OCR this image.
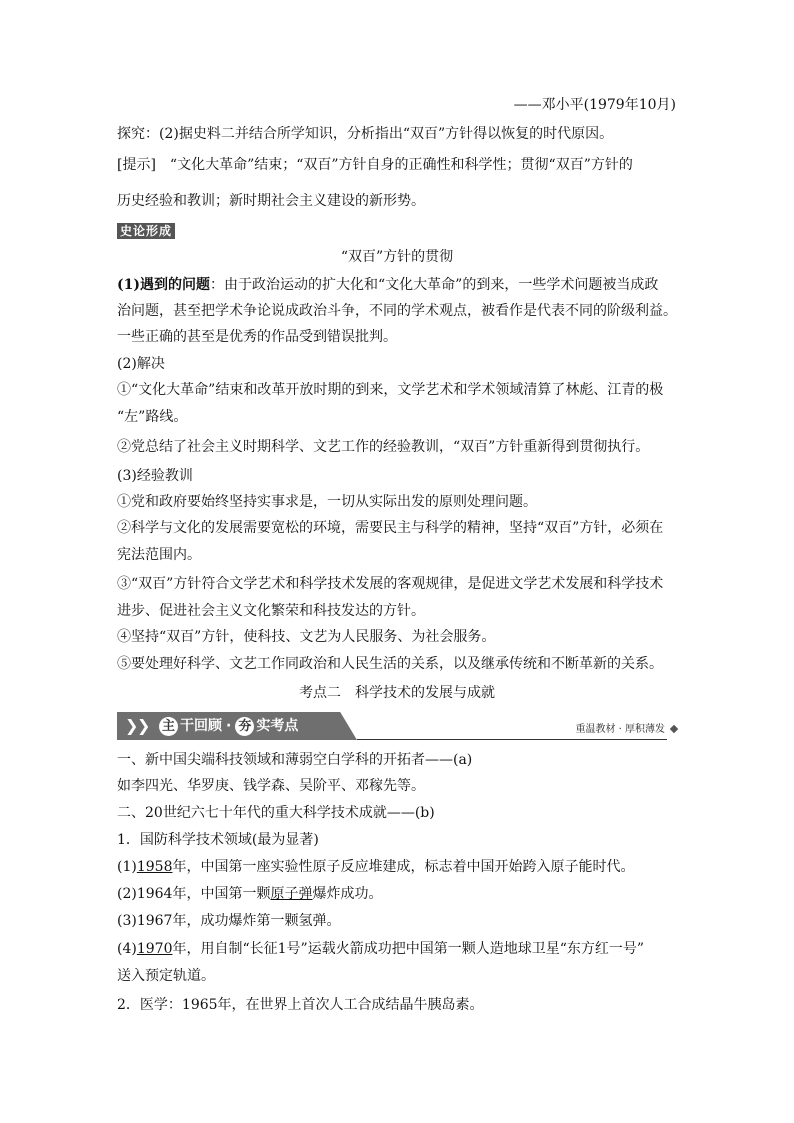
——邓小平(1979年10月)
探究：(2)据史料二并结合所学知识，分析指出“双百”方针得以恢复的时代原因。
[提示]　“文化大革命”结束；“双百”方针自身的正确性和科学性；贯彻“双百”方针的
历史经验和教训；新时期社会主义建设的新形势。
史论形成
“双百”方针的贯彻
(1)遇到的问题：由于政治运动的扩大化和“文化大革命”的到来，一些学术问题被当成政
治问题，甚至把学术争论说成政治斗争，不同的学术观点，被看作是代表不同的阶级利益。
一些正确的甚至是优秀的作品受到错误批判。
(2)解决
①“文化大革命”结束和改革开放时期的到来，文学艺术和学术领域清算了林彪、江青的极
“左”路线。
②党总结了社会主义时期科学、文艺工作的经验教训，“双百”方针重新得到贯彻执行。
(3)经验教训
①党和政府要始终坚持实事求是，一切从实际出发的原则处理问题。
②科学与文化的发展需要宽松的环境，需要民主与科学的精神，坚持“双百”方针，必须在
宪法范围内。
③“双百”方针符合文学艺术和科学技术发展的客观规律，是促进文学艺术发展和科学技术
进步、促进社会主义文化繁荣和科技发达的方针。
④坚持“双百”方针，使科技、文艺为人民服务、为社会服务。
⑤要处理好科学、文艺工作同政治和人民生活的关系，以及继承传统和不断革新的关系。
考点二　科学技术的发展与成就
❯
❯ 主 干回顾 · 夯 实考点	重温教材 · 厚积薄发
一、新中国尖端科技领域和薄弱空白学科的开拓者——(a)
如李四光、华罗庚、钱学森、吴阶平、邓稼先等。
二、20世纪六七十年代的重大科学技术成就——(b)
1．国防科学技术领域(最为显著)
(1)1958年，中国第一座实验性原子反应堆建成，标志着中国开始跨入原子能时代。
(2)1964年，中国第一颗原子弹爆炸成功。
(3)1967年，成功爆炸第一颗氢弹。
(4)1970年，用自制“长征1号”运载火箭成功把中国第一颗人造地球卫星“东方红一号”
送入预定轨道。
2．医学：1965年，在世界上首次人工合成结晶牛胰岛素。
